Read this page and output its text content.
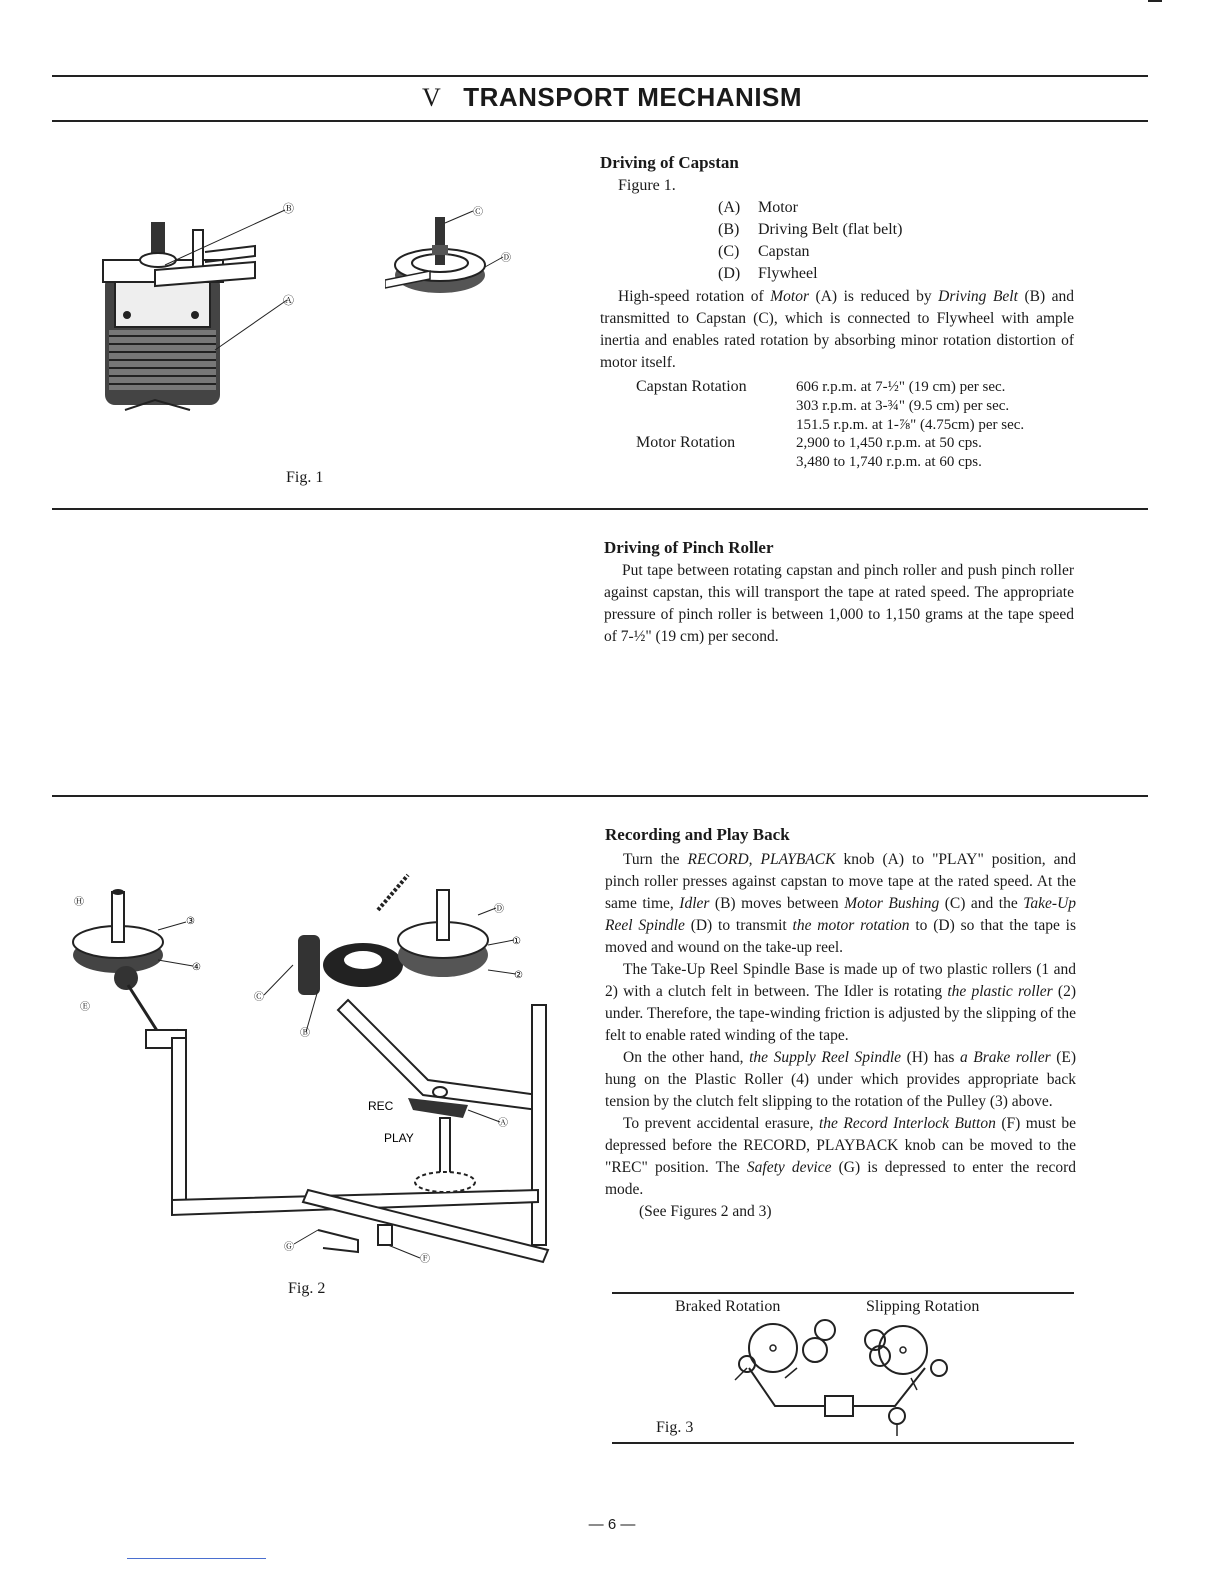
V TRANSPORT MECHANISM
Ⓑ
Ⓐ
Ⓒ
Ⓓ
Fig. 1
Driving of Capstan
Figure 1.
(A) Motor
(B) Driving Belt (flat belt)
(C) Capstan
(D) Flywheel

High-speed rotation of Motor (A) is reduced by Driving Belt (B) and transmitted to Capstan (C), which is connected to Flywheel with ample inertia and enables rated rotation by absorbing minor rotation distortion of motor itself.

Capstan Rotation	606 r.p.m. at 7-½" (19 cm) per sec.
303 r.p.m. at 3-¾" (9.5 cm) per sec.
151.5 r.p.m. at 1-⅞" (4.75cm) per sec.
Motor Rotation	2,900 to 1,450 r.p.m. at 50 cps.
3,480 to 1,740 r.p.m. at 60 cps.
Driving of Pinch Roller

Put tape between rotating capstan and pinch roller and push pinch roller against capstan, this will transport the tape at rated speed. The appropriate pressure of pinch roller is between 1,000 to 1,150 grams at the tape speed of 7-½" (19 cm) per second.

Ⓗ
③
④
Ⓔ
Ⓒ
Ⓑ
Ⓓ
①
②
Ⓐ
Ⓖ
Ⓕ
REC
PLAY
Fig. 2
Recording and Play Back

Turn the RECORD, PLAYBACK knob (A) to "PLAY" position, and pinch roller presses against capstan to move tape at the rated speed. At the same time, Idler (B) moves between Motor Bushing (C) and the Take-Up Reel Spindle (D) to transmit the motor rotation to (D) so that the tape is moved and wound on the take-up reel.

The Take-Up Reel Spindle Base is made up of two plastic rollers (1 and 2) with a clutch felt in between. The Idler is rotating the plastic roller (2) under. Therefore, the tape-winding friction is adjusted by the slipping of the felt to enable rated winding of the tape.

On the other hand, the Supply Reel Spindle (H) has a Brake roller (E) hung on the Plastic Roller (4) under which provides appropriate back tension by the clutch felt slipping to the rotation of the Pulley (3) above.

To prevent accidental erasure, the Record Interlock Button (F) must be depressed before the RECORD, PLAYBACK knob can be moved to the "REC" position. The Safety device (G) is depressed to enter the record mode.

(See Figures 2 and 3)

Braked Rotation	Slipping Rotation
Fig. 3
— 6 —
